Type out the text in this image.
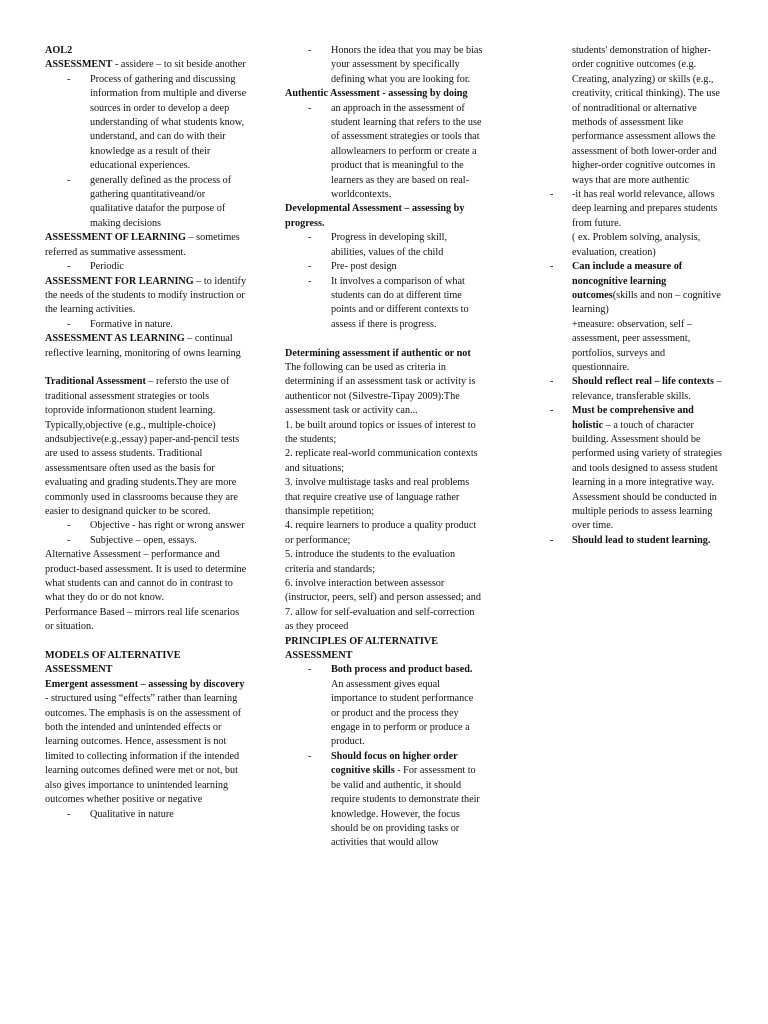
AOL2

ASSESSMENT - assidere – to sit beside another

- Process of gathering and discussing information from multiple and diverse sources in order to develop a deep understanding of what students know, understand, and can do with their knowledge as a result of their educational experiences.
- generally defined as the process of gathering quantitativeand/or qualitative datafor the purpose of making decisions

ASSESSMENT OF LEARNING – sometimes referred as summative assessment.

- Periodic

ASSESSMENT FOR LEARNING – to identify the needs of the students to modify instruction or the learning activities.

- Formative in nature.

ASSESSMENT AS LEARNING – continual reflective learning, monitoring of owns learning

Traditional Assessment – refersto the use of traditional assessment strategies or tools toprovide informationon student learning. Typically,objective (e.g., multiple-choice) andsubjective(e.g.,essay) paper-and-pencil tests are used to assess students. Traditional assessmentsare often used as the basis for evaluating and grading students.They are more commonly used in classrooms because they are easier to designand quicker to be scored.

- Objective - has right or wrong answer
- Subjective – open, essays.

Alternative Assessment – performance and product-based assessment. It is used to determine what students can and cannot do in contrast to what they do or do not know.

Performance Based – mirrors real life scenarios or situation.

MODELS OF ALTERNATIVE ASSESSMENT

Emergent assessment – assessing by discovery

- structured using “effects” rather than learning outcomes. The emphasis is on the assessment of both the intended and unintended effects or learning outcomes. Hence, assessment is not limited to collecting information if the intended learning outcomes defined were met or not, but also gives importance to unintended learning outcomes whether positive or negative

- Qualitative in nature
- Honors the idea that you may be bias your assessment by specifically defining what you are looking for.

Authentic Assessment - assessing by doing

- an approach in the assessment of student learning that refers to the use of assessment strategies or tools that allowlearners to perform or create a product that is meaningful to the learners as they are based on real-worldcontexts.

Developmental Assessment – assessing by progress.

- Progress in developing skill, abilities, values of the child
- Pre- post design
- It involves a comparison of what students can do at different time points and or different contexts to assess if there is progress.

Determining assessment if authentic or not

The following can be used as criteria in determining if an assessment task or activity is authenticor not (Silvestre-Tipay 2009):The assessment task or activity can...

1. be built around topics or issues of interest to the students;

2. replicate real-world communication contexts and situations;

3. involve multistage tasks and real problems that require creative use of language rather thansimple repetition;

4. require learners to produce a quality product or performance;

5. introduce the students to the evaluation criteria and standards;

6. involve interaction between assessor (instructor, peers, self) and person assessed; and

7. allow for self-evaluation and self-correction as they proceed

PRINCIPLES OF ALTERNATIVE ASSESSMENT

- Both process and product based. An assessment gives equal importance to student performance or product and the process they engage in to perform or produce a product.
- Should focus on higher order cognitive skills - For assessment to be valid and authentic, it should require students to demonstrate their knowledge. However, the focus should be on providing tasks or activities that would allow

students' demonstration of higher-order cognitive outcomes (e.g. Creating, analyzing) or skills (e.g., creativity, critical thinking). The use of nontraditional or alternative methods of assessment like performance assessment allows the assessment of both lower-order and higher-order cognitive outcomes in ways that are more authentic

- -it has real world relevance, allows deep learning and prepares students from future.
( ex. Problem solving, analysis, evaluation, creation)
- Can include a measure of noncognitive learning outcomes(skills and non – cognitive learning)
+measure: observation, self – assessment, peer assessment, portfolios, surveys and questionnaire.
- Should reflect real – life contexts – relevance, transferable skills.
- Must be comprehensive and holistic – a touch of character building. Assessment should be performed using variety of strategies and tools designed to assess student learning in a more integrative way. Assessment should be conducted in multiple periods to assess learning over time.
- Should lead to student learning.
